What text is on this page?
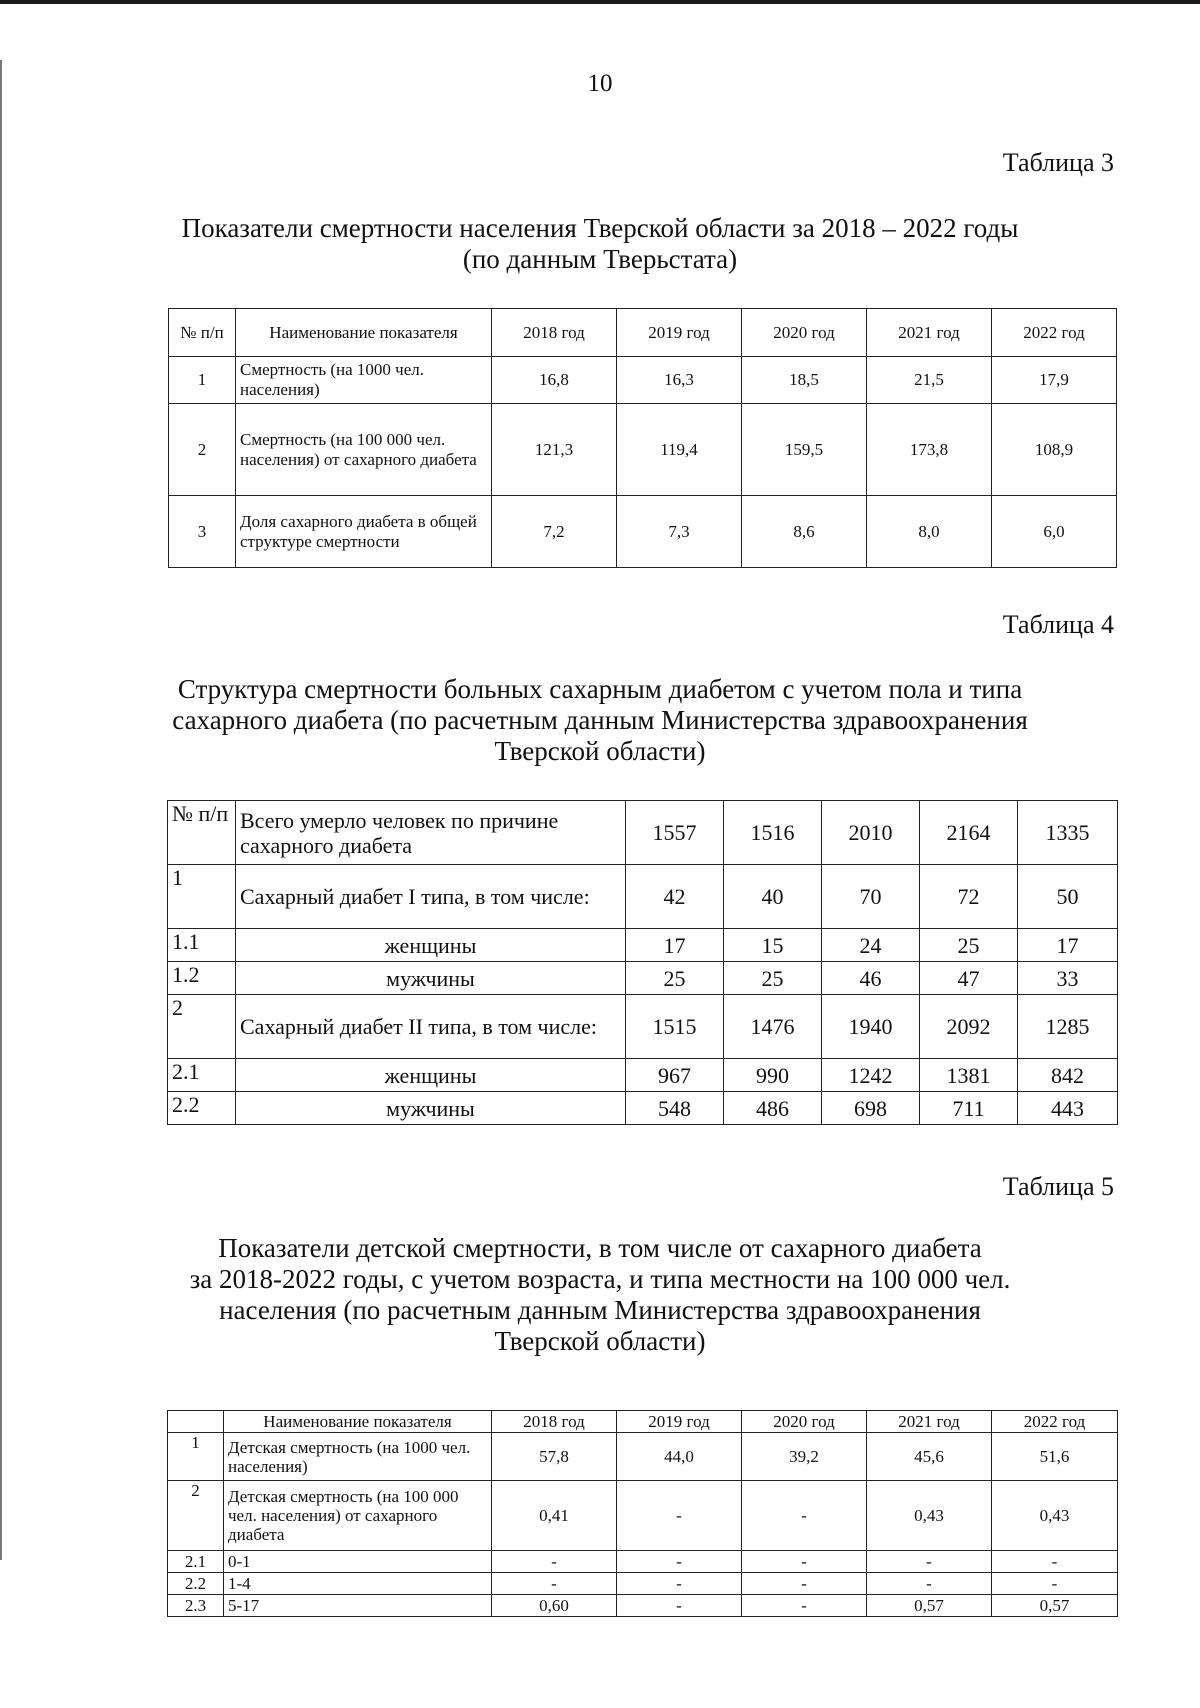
10
Таблица 3
Показатели смертности населения Тверской области за 2018 – 2022 годы
(по данным Тверьстата)
№ п/п	Наименование показателя	2018 год	2019 год	2020 год	2021 год	2022 год
1	Смертность (на 1000 чел. населения)	16,8	16,3	18,5	21,5	17,9
2	Смертность (на 100 000 чел. населения) от сахарного диабета	121,3	119,4	159,5	173,8	108,9
3	Доля сахарного диабета в общей структуре смертности	7,2	7,3	8,6	8,0	6,0
Таблица 4
Структура смертности больных сахарным диабетом с учетом пола и типа
сахарного диабета (по расчетным данным Министерства здравоохранения
Тверской области)
№ п/п	Всего умерло человек по причине сахарного диабета	1557	1516	2010	2164	1335
1	Сахарный диабет I типа, в том числе:	42	40	70	72	50
1.1	женщины	17	15	24	25	17
1.2	мужчины	25	25	46	47	33
2	Сахарный диабет II типа, в том числе:	1515	1476	1940	2092	1285
2.1	женщины	967	990	1242	1381	842
2.2	мужчины	548	486	698	711	443
Таблица 5
Показатели детской смертности, в том числе от сахарного диабета
за 2018-2022 годы, с учетом возраста, и типа местности на 100 000 чел.
населения (по расчетным данным Министерства здравоохранения
Тверской области)
	Наименование показателя	2018 год	2019 год	2020 год	2021 год	2022 год
1	Детская смертность (на 1000 чел. населения)	57,8	44,0	39,2	45,6	51,6
2	Детская смертность (на 100 000 чел. населения) от сахарного диабета	0,41	-	-	0,43	0,43
2.1	0-1	-	-	-	-	-
2.2	1-4	-	-	-	-	-
2.3	5-17	0,60	-	-	0,57	0,57
